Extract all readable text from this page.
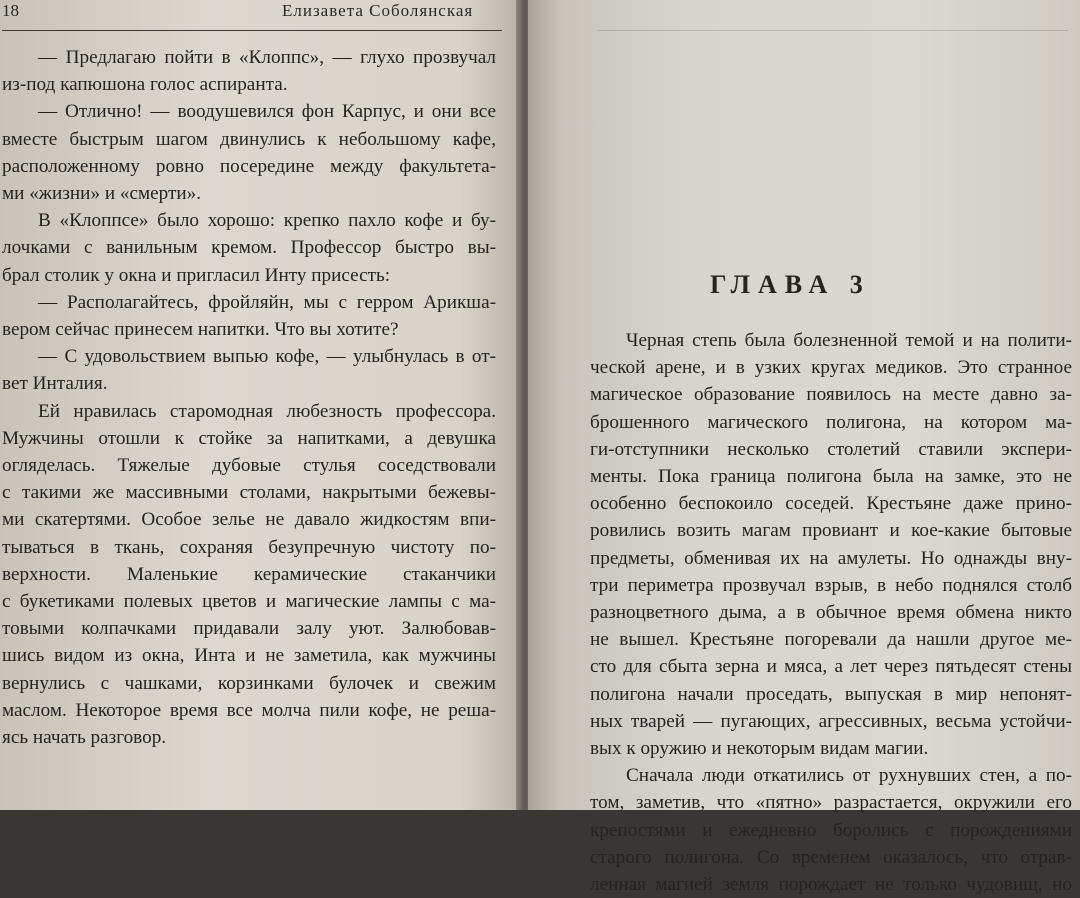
18	Елизавета Соболянская
— Предлагаю пойти в «Клоппс», — глухо прозвучал
из-под капюшона голос аспиранта.
— Отлично! — воодушевился фон Карпус, и они все
вместе быстрым шагом двинулись к небольшому кафе,
расположенному ровно посередине между факультета-
ми «жизни» и «смерти».
В «Клоппсе» было хорошо: крепко пахло кофе и бу-
лочками с ванильным кремом. Профессор быстро вы-
брал столик у окна и пригласил Инту присесть:
— Располагайтесь, фройляйн, мы с герром Арикша-
вером сейчас принесем напитки. Что вы хотите?
— С удовольствием выпью кофе, — улыбнулась в от-
вет Инталия.
Ей нравилась старомодная любезность профессора.
Мужчины отошли к стойке за напитками, а девушка
огляделась. Тяжелые дубовые стулья соседствовали
с такими же массивными столами, накрытыми бежевы-
ми скатертями. Особое зелье не давало жидкостям впи-
тываться в ткань, сохраняя безупречную чистоту по-
верхности. Маленькие керамические стаканчики
с букетиками полевых цветов и магические лампы с ма-
товыми колпачками придавали залу уют. Залюбовав-
шись видом из окна, Инта и не заметила, как мужчины
вернулись с чашками, корзинками булочек и свежим
маслом. Некоторое время все молча пили кофе, не реша-
ясь начать разговор.
ГЛАВА 3
Черная степь была болезненной темой и на полити-
ческой арене, и в узких кругах медиков. Это странное
магическое образование появилось на месте давно за-
брошенного магического полигона, на котором ма-
ги-отступники несколько столетий ставили экспери-
менты. Пока граница полигона была на замке, это не
особенно беспокоило соседей. Крестьяне даже прино-
ровились возить магам провиант и кое-какие бытовые
предметы, обменивая их на амулеты. Но однажды вну-
три периметра прозвучал взрыв, в небо поднялся столб
разноцветного дыма, а в обычное время обмена никто
не вышел. Крестьяне погоревали да нашли другое ме-
сто для сбыта зерна и мяса, а лет через пятьдесят стены
полигона начали проседать, выпуская в мир непонят-
ных тварей — пугающих, агрессивных, весьма устойчи-
вых к оружию и некоторым видам магии.
Сначала люди откатились от рухнувших стен, а по-
том, заметив, что «пятно» разрастается, окружили его
крепостями и ежедневно боролись с порождениями
старого полигона. Со временем оказалось, что отрав-
ленная магией земля порождает не только чудовищ, но
